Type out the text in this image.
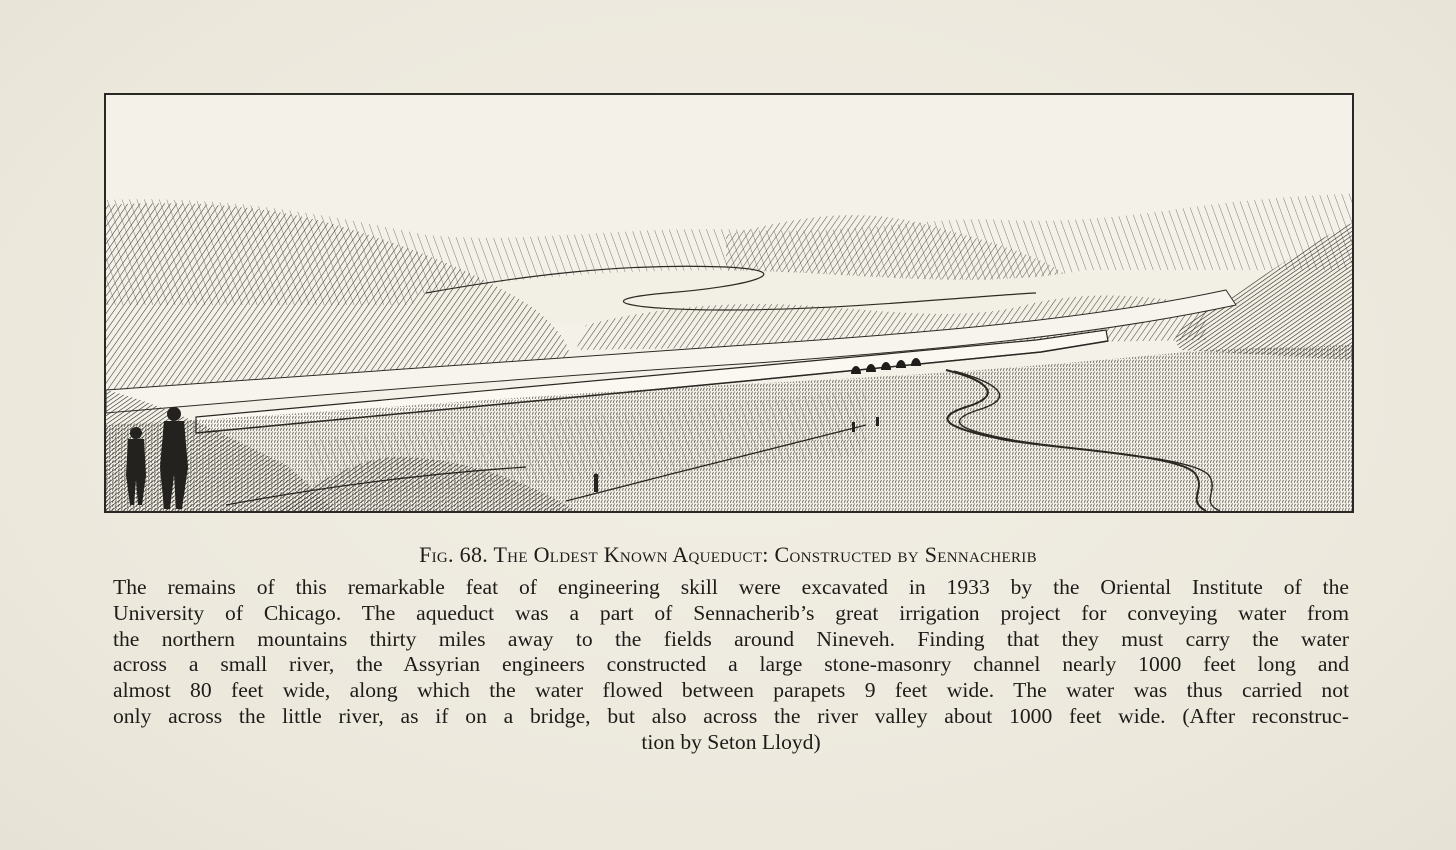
Fig. 68. The Oldest Known Aqueduct: Constructed by Sennacherib
The remains of this remarkable feat of engineering skill were excavated in 1933 by the Oriental Institute of the
University of Chicago. The aqueduct was a part of Sennacherib’s great irrigation project for conveying water from
the northern mountains thirty miles away to the fields around Nineveh. Finding that they must carry the water
across a small river, the Assyrian engineers constructed a large stone-masonry channel nearly 1000 feet long and
almost 80 feet wide, along which the water flowed between parapets 9 feet wide. The water was thus carried not
only across the little river, as if on a bridge, but also across the river valley about 1000 feet wide. (After reconstruc-
tion by Seton Lloyd)
